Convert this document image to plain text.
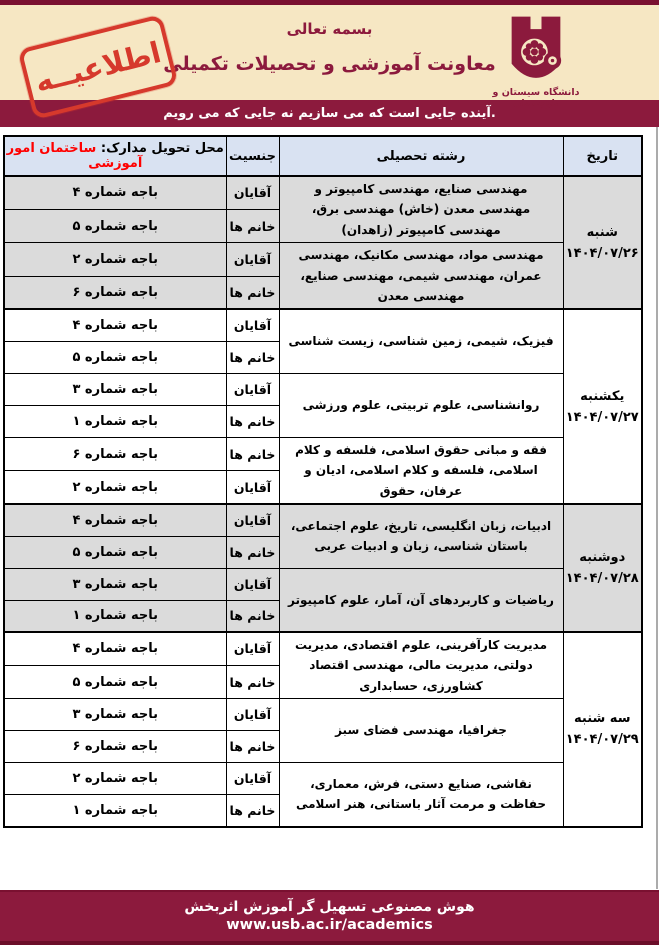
اطلاعیــه
بسمه تعالی
معاونت آموزشی و تحصیلات تکمیلی
دانشگاه سیستان و بلوچستان
آینده جایی است که می سازیم نه جایی که می رویم.
تاریخ	رشته تحصیلی	جنسیت	محل تحویل مدارک: ساختمان امور آموزشی

شنبه
۱۴۰۴/۰۷/۲۶	مهندسی صنایع، مهندسی کامپیوتر و مهندسی معدن (خاش) مهندسی برق، مهندسی کامپیوتر (زاهدان)	آقایان	باجه شماره ۴
		خانم ها	باجه شماره ۵
	مهندسی مواد، مهندسی مکانیک، مهندسی عمران، مهندسی شیمی، مهندسی صنایع، مهندسی معدن	آقایان	باجه شماره ۲
		خانم ها	باجه شماره ۶

یکشنبه
۱۴۰۴/۰۷/۲۷	فیزیک، شیمی، زمین شناسی، زیست شناسی	آقایان	باجه شماره ۴
		خانم ها	باجه شماره ۵
	روانشناسی، علوم تربیتی، علوم ورزشی	آقایان	باجه شماره ۳
		خانم ها	باجه شماره ۱
	فقه و مبانی حقوق اسلامی، فلسفه و کلام اسلامی، فلسفه و کلام اسلامی، ادیان و عرفان، حقوق	خانم ها	باجه شماره ۶
		آقایان	باجه شماره ۲

دوشنبه
۱۴۰۴/۰۷/۲۸	ادبیات، زبان انگلیسی، تاریخ، علوم اجتماعی، باستان شناسی، زبان و ادبیات عربی	آقایان	باجه شماره ۴
		خانم ها	باجه شماره ۵
	ریاضیات و کاربردهای آن، آمار، علوم کامپیوتر	آقایان	باجه شماره ۳
		خانم ها	باجه شماره ۱

سه شنبه
۱۴۰۴/۰۷/۲۹	مدیریت کارآفرینی، علوم اقتصادی، مدیریت دولتی، مدیریت مالی، مهندسی اقتصاد کشاورزی، حسابداری	آقایان	باجه شماره ۴
		خانم ها	باجه شماره ۵
	جغرافیا، مهندسی فضای سبز	آقایان	باجه شماره ۳
		خانم ها	باجه شماره ۶
	نقاشی، صنایع دستی، فرش، معماری، حفاظت و مرمت آثار باستانی، هنر اسلامی	آقایان	باجه شماره ۲
		خانم ها	باجه شماره ۱
هوش مصنوعی تسهیل گر آموزش اثربخش
www.usb.ac.ir/academics
